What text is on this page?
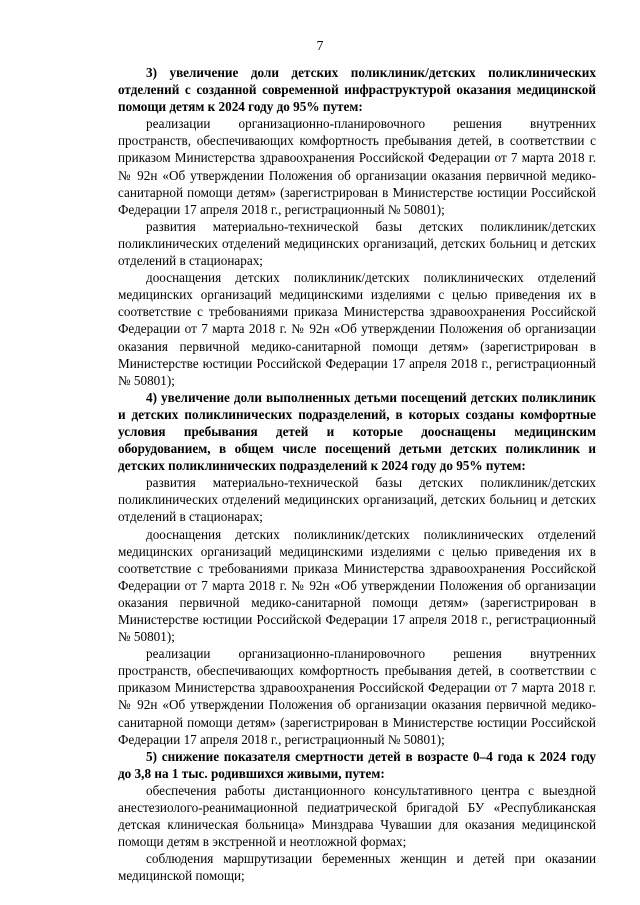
7

3) увеличение доли детских поликлиник/детских поликлинических отделений с созданной современной инфраструктурой оказания медицинской помощи детям к 2024 году до 95% путем:

реализации организационно-планировочного решения внутренних пространств, обеспечивающих комфортность пребывания детей, в соответствии с приказом Министерства здравоохранения Российской Федерации от 7 марта 2018 г. № 92н «Об утверждении Положения об организации оказания первичной медико-санитарной помощи детям» (зарегистрирован в Министерстве юстиции Российской Федерации 17 апреля 2018 г., регистрационный № 50801);

развития материально-технической базы детских поликлиник/детских поликлинических отделений медицинских организаций, детских больниц и детских отделений в стационарах;

дооснащения детских поликлиник/детских поликлинических отделений медицинских организаций медицинскими изделиями с целью приведения их в соответствие с требованиями приказа Министерства здравоохранения Российской Федерации от 7 марта 2018 г. № 92н «Об утверждении Положения об организации оказания первичной медико-санитарной помощи детям» (зарегистрирован в Министерстве юстиции Российской Федерации 17 апреля 2018 г., регистрационный № 50801);

4) увеличение доли выполненных детьми посещений детских поликлиник и детских поликлинических подразделений, в которых созданы комфортные условия пребывания детей и которые дооснащены медицинским оборудованием, в общем числе посещений детьми детских поликлиник и детских поликлинических подразделений к 2024 году до 95% путем:

развития материально-технической базы детских поликлиник/детских поликлинических отделений медицинских организаций, детских больниц и детских отделений в стационарах;

дооснащения детских поликлиник/детских поликлинических отделений медицинских организаций медицинскими изделиями с целью приведения их в соответствие с требованиями приказа Министерства здравоохранения Российской Федерации от 7 марта 2018 г. № 92н «Об утверждении Положения об организации оказания первичной медико-санитарной помощи детям» (зарегистрирован в Министерстве юстиции Российской Федерации 17 апреля 2018 г., регистрационный № 50801);

реализации организационно-планировочного решения внутренних пространств, обеспечивающих комфортность пребывания детей, в соответствии с приказом Министерства здравоохранения Российской Федерации от 7 марта 2018 г. № 92н «Об утверждении Положения об организации оказания первичной медико-санитарной помощи детям» (зарегистрирован в Министерстве юстиции Российской Федерации 17 апреля 2018 г., регистрационный № 50801);

5) снижение показателя смертности детей в возрасте 0–4 года к 2024 году до 3,8 на 1 тыс. родившихся живыми, путем:

обеспечения работы дистанционного консультативного центра с выездной анестезиолого-реанимационной педиатрической бригадой БУ «Республиканская детская клиническая больница» Минздрава Чувашии для оказания медицинской помощи детям в экстренной и неотложной формах;

соблюдения маршрутизации беременных женщин и детей при оказании медицинской помощи;
